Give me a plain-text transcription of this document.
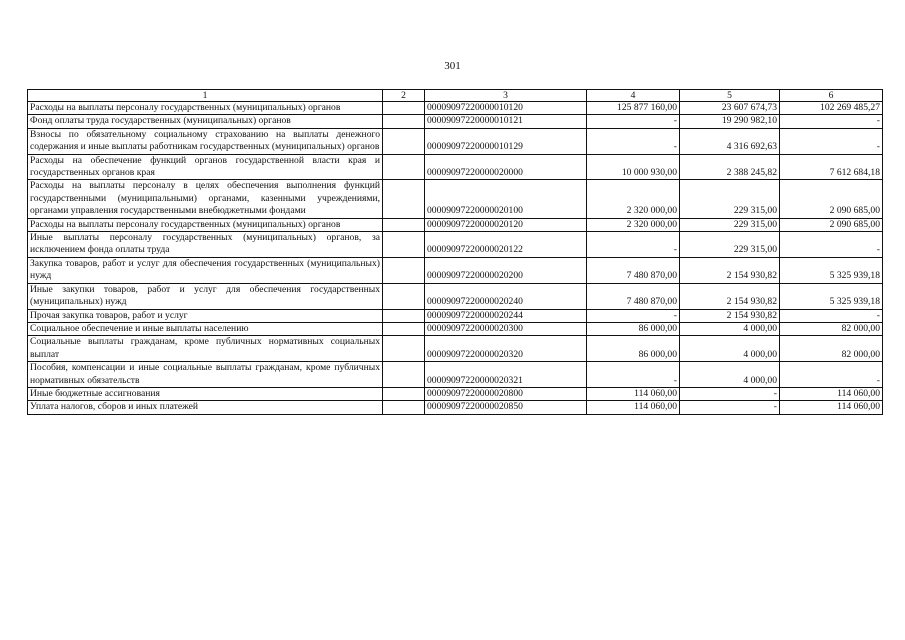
301
1	2	3	4	5	6
Расходы на выплаты персоналу государственных (муниципальных) органов		00009097220000010120	125 877 160,00	23 607 674,73	102 269 485,27
Фонд оплаты труда государственных (муниципальных) органов		00009097220000010121	-	19 290 982,10	-
Взносы по обязательному социальному страхованию на выплаты денежного содержания и иные выплаты работникам государственных (муниципальных) органов		00009097220000010129	-	4 316 692,63	-
Расходы на обеспечение функций органов государственной власти края и государственных органов края		00009097220000020000	10 000 930,00	2 388 245,82	7 612 684,18
Расходы на выплаты персоналу в целях обеспечения выполнения функций государственными (муниципальными) органами, казенными учреждениями, органами управления государственными внебюджетными фондами		00009097220000020100	2 320 000,00	229 315,00	2 090 685,00
Расходы на выплаты персоналу государственных (муниципальных) органов		00009097220000020120	2 320 000,00	229 315,00	2 090 685,00
Иные выплаты персоналу государственных (муниципальных) органов, за исключением фонда оплаты труда		00009097220000020122	-	229 315,00	-
Закупка товаров, работ и услуг для обеспечения государственных (муниципальных) нужд		00009097220000020200	7 480 870,00	2 154 930,82	5 325 939,18
Иные закупки товаров, работ и услуг для обеспечения государственных (муниципальных) нужд		00009097220000020240	7 480 870,00	2 154 930,82	5 325 939,18
Прочая закупка товаров, работ и услуг		00009097220000020244	-	2 154 930,82	-
Социальное обеспечение и иные выплаты населению		00009097220000020300	86 000,00	4 000,00	82 000,00
Социальные выплаты гражданам, кроме публичных нормативных социальных выплат		00009097220000020320	86 000,00	4 000,00	82 000,00
Пособия, компенсации и иные социальные выплаты гражданам, кроме публичных нормативных обязательств		00009097220000020321	-	4 000,00	-
Иные бюджетные ассигнования		00009097220000020800	114 060,00	-	114 060,00
Уплата налогов, сборов и иных платежей		00009097220000020850	114 060,00	-	114 060,00
